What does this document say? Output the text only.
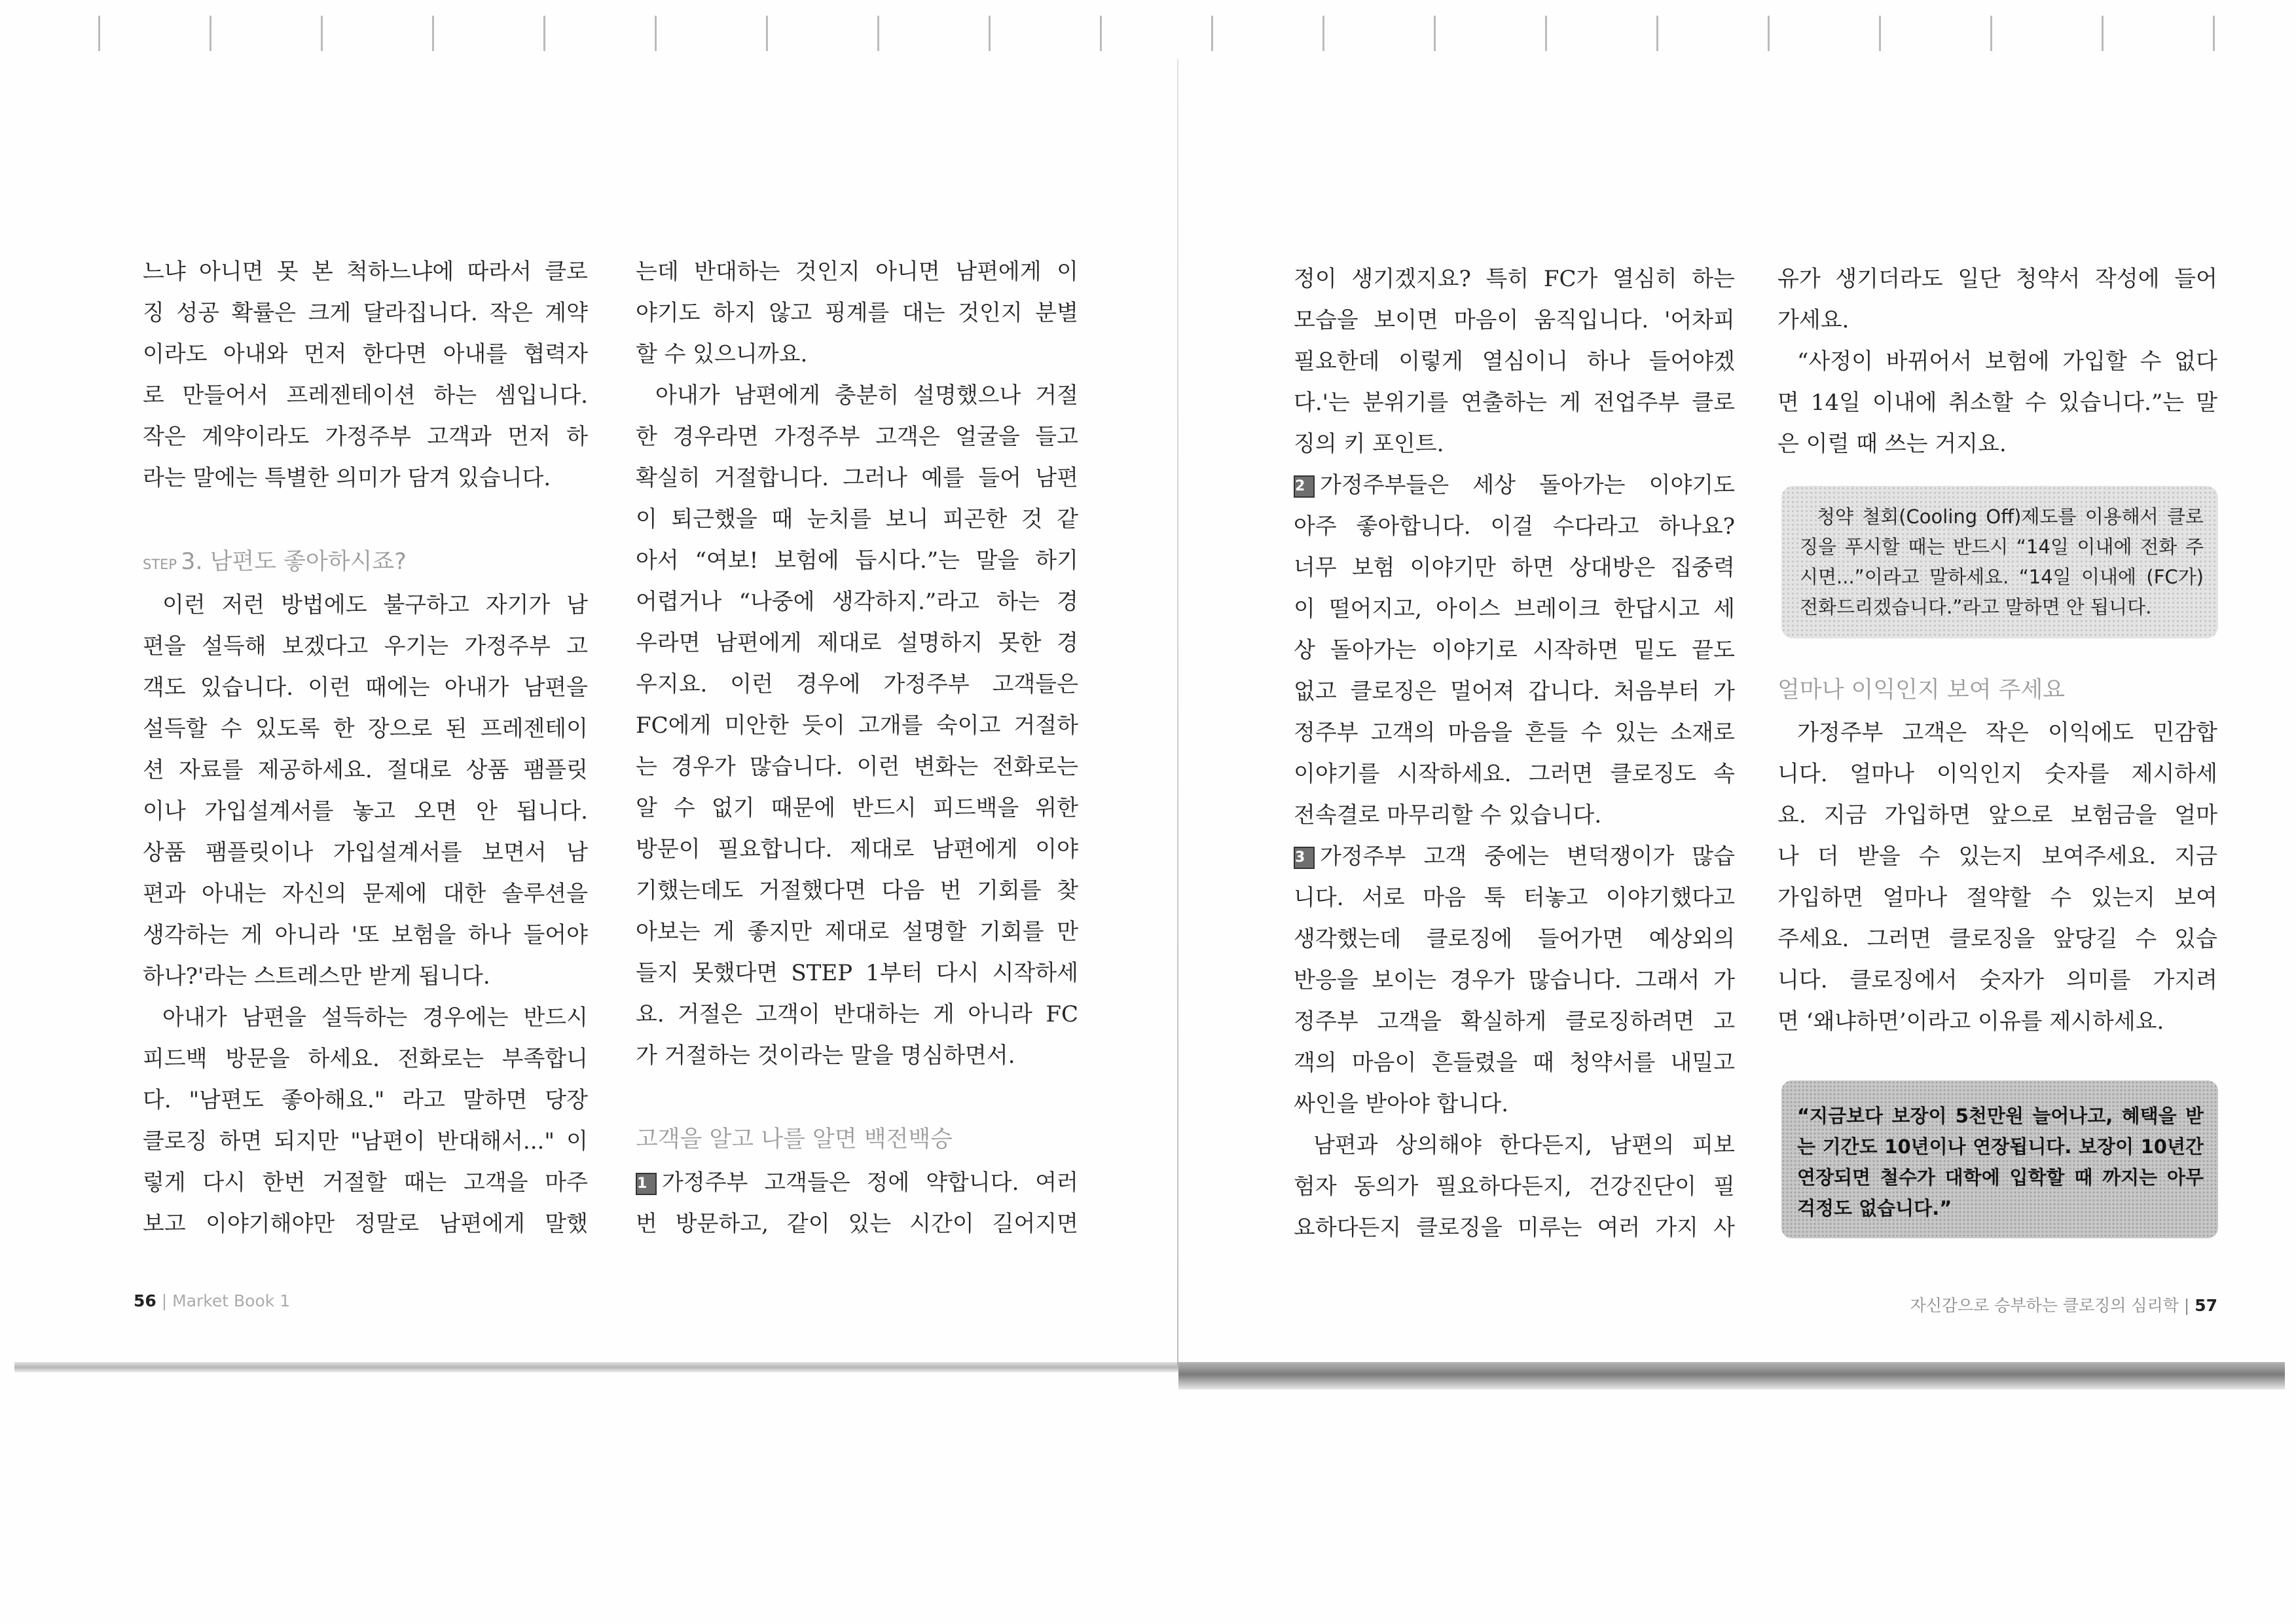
느냐 아니면 못 본 척하느냐에 따라서 클로
징 성공 확률은 크게 달라집니다. 작은 계약
이라도 아내와 먼저 한다면 아내를 협력자
로 만들어서 프레젠테이션 하는 셈입니다.
작은 계약이라도 가정주부 고객과 먼저 하
라는 말에는 특별한 의미가 담겨 있습니다.
STEP 3. 남편도 좋아하시죠?
이런 저런 방법에도 불구하고 자기가 남
편을 설득해 보겠다고 우기는 가정주부 고
객도 있습니다. 이런 때에는 아내가 남편을
설득할 수 있도록 한 장으로 된 프레젠테이
션 자료를 제공하세요. 절대로 상품 팸플릿
이나 가입설계서를 놓고 오면 안 됩니다.
상품 팸플릿이나 가입설계서를 보면서 남
편과 아내는 자신의 문제에 대한 솔루션을
생각하는 게 아니라 '또 보험을 하나 들어야
하나?'라는 스트레스만 받게 됩니다.
아내가 남편을 설득하는 경우에는 반드시
피드백 방문을 하세요. 전화로는 부족합니
다. "남편도 좋아해요." 라고 말하면 당장
클로징 하면 되지만 "남편이 반대해서..." 이
렇게 다시 한번 거절할 때는 고객을 마주
보고 이야기해야만 정말로 남편에게 말했
는데 반대하는 것인지 아니면 남편에게 이
야기도 하지 않고 핑계를 대는 것인지 분별
할 수 있으니까요.
아내가 남편에게 충분히 설명했으나 거절
한 경우라면 가정주부 고객은 얼굴을 들고
확실히 거절합니다. 그러나 예를 들어 남편
이 퇴근했을 때 눈치를 보니 피곤한 것 같
아서 “여보! 보험에 듭시다.”는 말을 하기
어렵거나 “나중에 생각하지.”라고 하는 경
우라면 남편에게 제대로 설명하지 못한 경
우지요. 이런 경우에 가정주부 고객들은
FC에게 미안한 듯이 고개를 숙이고 거절하
는 경우가 많습니다. 이런 변화는 전화로는
알 수 없기 때문에 반드시 피드백을 위한
방문이 필요합니다. 제대로 남편에게 이야
기했는데도 거절했다면 다음 번 기회를 찾
아보는 게 좋지만 제대로 설명할 기회를 만
들지 못했다면 STEP 1부터 다시 시작하세
요. 거절은 고객이 반대하는 게 아니라 FC
가 거절하는 것이라는 말을 명심하면서.
고객을 알고 나를 알면 백전백승
1 가정주부 고객들은 정에 약합니다. 여러
번 방문하고, 같이 있는 시간이 길어지면
정이 생기겠지요? 특히 FC가 열심히 하는
모습을 보이면 마음이 움직입니다. '어차피
필요한데 이렇게 열심이니 하나 들어야겠
다.'는 분위기를 연출하는 게 전업주부 클로
징의 키 포인트.
2 가정주부들은 세상 돌아가는 이야기도
아주 좋아합니다. 이걸 수다라고 하나요?
너무 보험 이야기만 하면 상대방은 집중력
이 떨어지고, 아이스 브레이크 한답시고 세
상 돌아가는 이야기로 시작하면 밑도 끝도
없고 클로징은 멀어져 갑니다. 처음부터 가
정주부 고객의 마음을 흔들 수 있는 소재로
이야기를 시작하세요. 그러면 클로징도 속
전속결로 마무리할 수 있습니다.
3 가정주부 고객 중에는 변덕쟁이가 많습
니다. 서로 마음 툭 터놓고 이야기했다고
생각했는데 클로징에 들어가면 예상외의
반응을 보이는 경우가 많습니다. 그래서 가
정주부 고객을 확실하게 클로징하려면 고
객의 마음이 흔들렸을 때 청약서를 내밀고
싸인을 받아야 합니다.
남편과 상의해야 한다든지, 남편의 피보
험자 동의가 필요하다든지, 건강진단이 필
요하다든지 클로징을 미루는 여러 가지 사
유가 생기더라도 일단 청약서 작성에 들어
가세요.
“사정이 바뀌어서 보험에 가입할 수 없다
면 14일 이내에 취소할 수 있습니다.”는 말
은 이럴 때 쓰는 거지요.
청약 철회(Cooling Off)제도를 이용해서 클로
징을 푸시할 때는 반드시 “14일 이내에 전화 주
시면...”이라고 말하세요. “14일 이내에 (FC가)
전화드리겠습니다.”라고 말하면 안 됩니다.
얼마나 이익인지 보여 주세요
가정주부 고객은 작은 이익에도 민감합
니다. 얼마나 이익인지 숫자를 제시하세
요. 지금 가입하면 앞으로 보험금을 얼마
나 더 받을 수 있는지 보여주세요. 지금
가입하면 얼마나 절약할 수 있는지 보여
주세요. 그러면 클로징을 앞당길 수 있습
니다. 클로징에서 숫자가 의미를 가지려
면 ‘왜냐하면’이라고 이유를 제시하세요.
“지금보다 보장이 5천만원 늘어나고, 혜택을 받
는 기간도 10년이나 연장됩니다. 보장이 10년간
연장되면 철수가 대학에 입학할 때 까지는 아무
걱정도 없습니다.”
56 | Market Book 1	자신감으로 승부하는 클로징의 심리학 | 57
